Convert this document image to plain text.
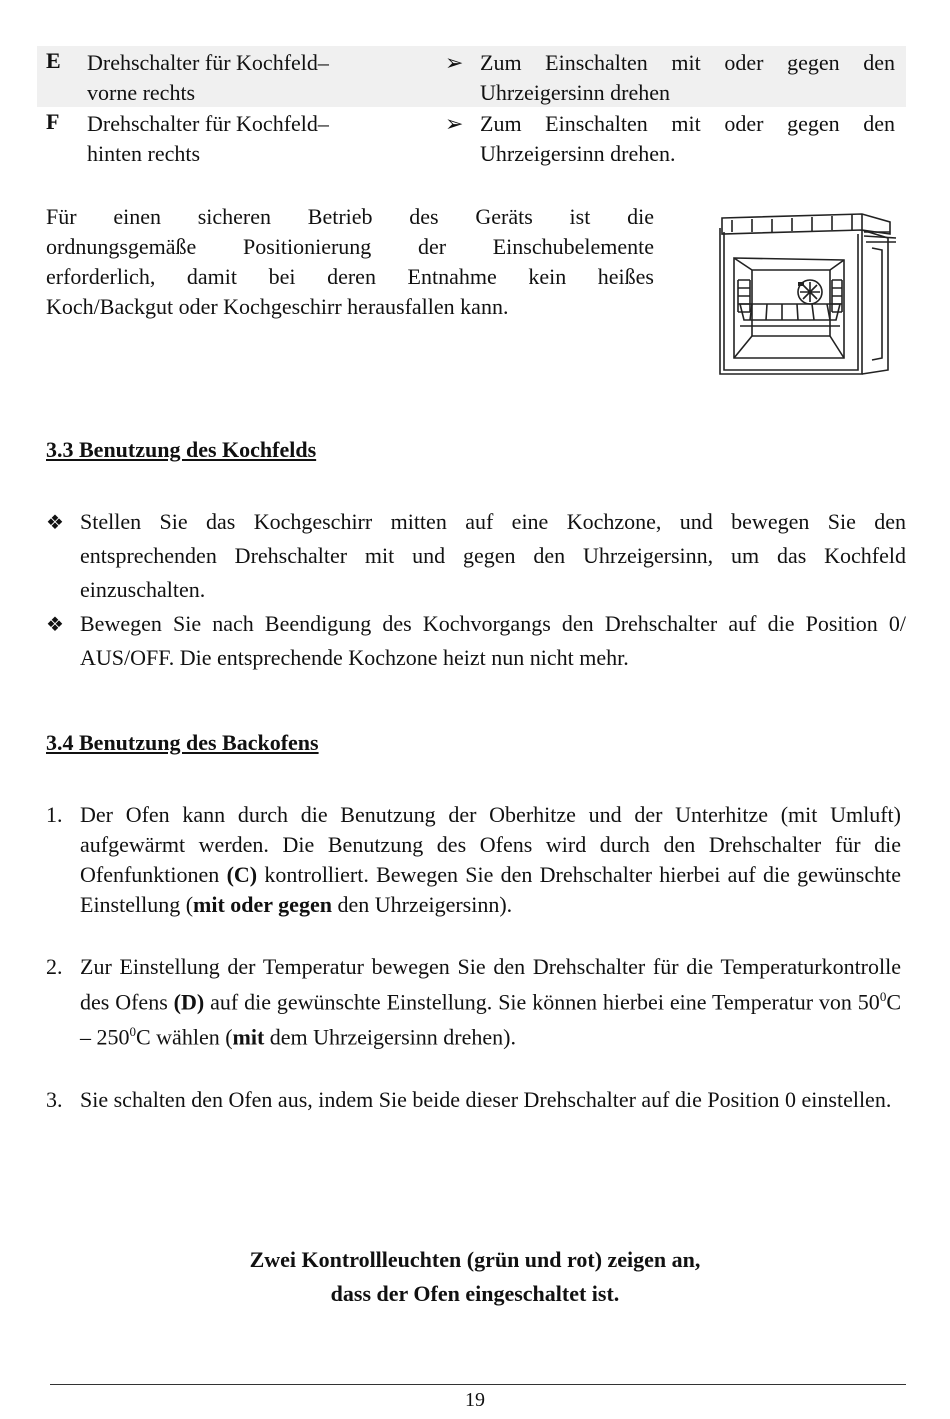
E	Drehschalter für Kochfeld–
vorne rechts
➢ Zum Einschalten mit oder gegen den Uhrzeigersinn drehen
F	Drehschalter für Kochfeld–
hinten rechts
➢ Zum Einschalten mit oder gegen den Uhrzeigersinn drehen.
Für einen sicheren Betrieb des Geräts ist die
ordnungsgemäße Positionierung der Einschubelemente
erforderlich, damit bei deren Entnahme kein heißes
Koch/Backgut oder Kochgeschirr herausfallen kann.
3.3 Benutzung des Kochfelds
❖ Stellen Sie das Kochgeschirr mitten auf eine Kochzone, und bewegen Sie den entsprechenden Drehschalter mit und gegen den Uhrzeigersinn, um das Kochfeld einzuschalten.
❖ Bewegen Sie nach Beendigung des Kochvorgangs den Drehschalter auf die Position 0/ AUS/OFF. Die entsprechende Kochzone heizt nun nicht mehr.
3.4 Benutzung des Backofens
1. Der Ofen kann durch die Benutzung der Oberhitze und der Unterhitze (mit Umluft) aufgewärmt werden. Die Benutzung des Ofens wird durch den Drehschalter für die Ofenfunktionen (C) kontrolliert. Bewegen Sie den Drehschalter hierbei auf die gewünschte Einstellung (mit oder gegen den Uhrzeigersinn).
2. Zur Einstellung der Temperatur bewegen Sie den Drehschalter für die Temperaturkontrolle des Ofens (D) auf die gewünschte Einstellung. Sie können hierbei eine Temperatur von $50^0C - 250^0C$ wählen (mit dem Uhrzeigersinn drehen).
3. Sie schalten den Ofen aus, indem Sie beide dieser Drehschalter auf die Position 0 einstellen.
Zwei Kontrollleuchten (grün und rot) zeigen an,
dass der Ofen eingeschaltet ist.
19
